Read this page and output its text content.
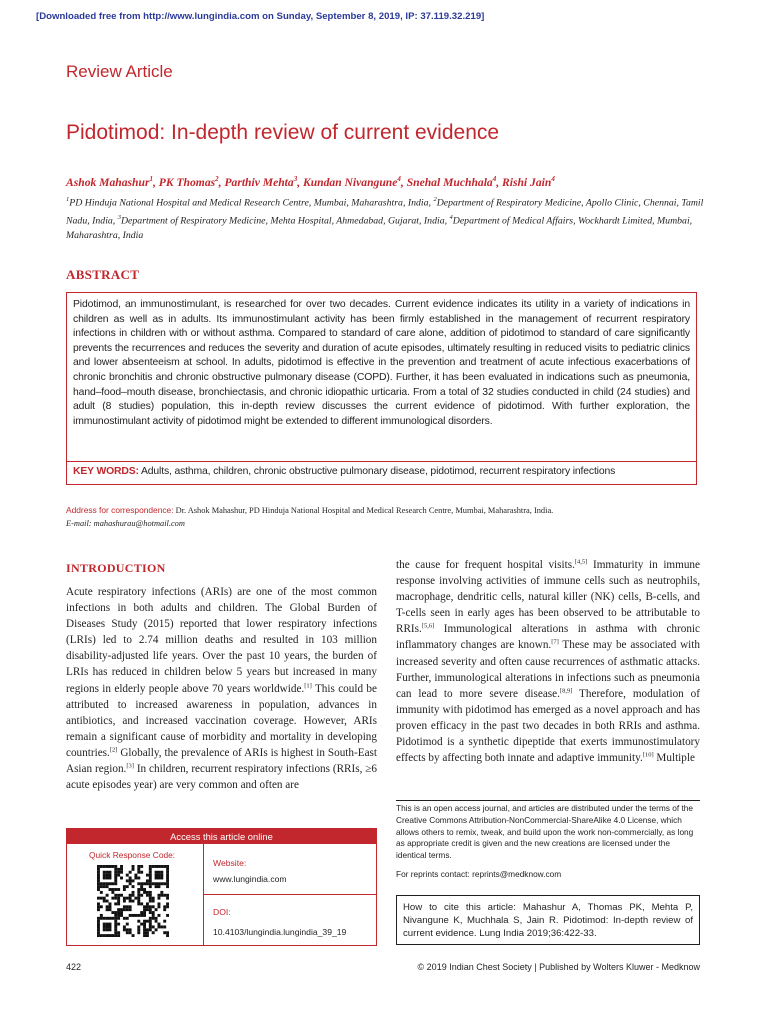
[Downloaded free from http://www.lungindia.com on Sunday, September 8, 2019, IP: 37.119.32.219]
Review Article
Pidotimod: In-depth review of current evidence
Ashok Mahashur$^1$, PK Thomas$^2$, Parthiv Mehta$^3$, Kundan Nivangune$^4$, Snehal Muchhala$^4$, Rishi Jain$^4$
$^1$PD Hinduja National Hospital and Medical Research Centre, Mumbai, Maharashtra, India, $^2$Department of Respiratory Medicine, Apollo Clinic, Chennai, Tamil Nadu, India, $^3$Department of Respiratory Medicine, Mehta Hospital, Ahmedabad, Gujarat, India, $^4$Department of Medical Affairs, Wockhardt Limited, Mumbai, Maharashtra, India
ABSTRACT
Pidotimod, an immunostimulant, is researched for over two decades. Current evidence indicates its utility in a variety of indications in children as well as in adults. Its immunostimulant activity has been firmly established in the management of recurrent respiratory infections in children with or without asthma. Compared to standard of care alone, addition of pidotimod to standard of care significantly prevents the recurrences and reduces the severity and duration of acute episodes, ultimately resulting in reduced visits to pediatric clinics and lower absenteeism at school. In adults, pidotimod is effective in the prevention and treatment of acute infectious exacerbations of chronic bronchitis and chronic obstructive pulmonary disease (COPD). Further, it has been evaluated in indications such as pneumonia, hand–food–mouth disease, bronchiectasis, and chronic idiopathic urticaria. From a total of 32 studies conducted in child (24 studies) and adult (8 studies) population, this in-depth review discusses the current evidence of pidotimod. With further exploration, the immunostimulant activity of pidotimod might be extended to different immunological disorders.
KEY WORDS: Adults, asthma, children, chronic obstructive pulmonary disease, pidotimod, recurrent respiratory infections
Address for correspondence: Dr. Ashok Mahashur, PD Hinduja National Hospital and Medical Research Centre, Mumbai, Maharashtra, India.
E-mail: mahashurau@hotmail.com
INTRODUCTION
Acute respiratory infections (ARIs) are one of the most common infections in both adults and children. The Global Burden of Diseases Study (2015) reported that lower respiratory infections (LRIs) led to 2.74 million deaths and resulted in 103 million disability-adjusted life years. Over the past 10 years, the burden of LRIs has reduced in children below 5 years but increased in many regions in elderly people above 70 years worldwide.[1] This could be attributed to increased awareness in population, advances in antibiotics, and increased vaccination coverage. However, ARIs remain a significant cause of morbidity and mortality in developing countries.[2] Globally, the prevalence of ARIs is highest in South-East Asian region.[3] In children, recurrent respiratory infections (RRIs, ≥6 acute episodes year) are very common and often are
the cause for frequent hospital visits.[4,5] Immaturity in immune response involving activities of immune cells such as neutrophils, macrophage, dendritic cells, natural killer (NK) cells, B-cells, and T-cells seen in early ages has been observed to be attributable to RRIs.[5,6] Immunological alterations in asthma with chronic inflammatory changes are known.[7] These may be associated with increased severity and often cause recurrences of asthmatic attacks. Further, immunological alterations in infections such as pneumonia can lead to more severe disease.[8,9] Therefore, modulation of immunity with pidotimod has emerged as a novel approach and has proven efficacy in the past two decades in both RRIs and asthma. Pidotimod is a synthetic dipeptide that exerts immunostimulatory effects by affecting both innate and adaptive immunity.[10] Multiple
Access this article online
Quick Response Code:
Website:
www.lungindia.com
DOI:
10.4103/lungindia.lungindia_39_19
This is an open access journal, and articles are distributed under the terms of the Creative Commons Attribution-NonCommercial-ShareAlike 4.0 License, which allows others to remix, tweak, and build upon the work non-commercially, as long as appropriate credit is given and the new creations are licensed under the identical terms.
For reprints contact: reprints@medknow.com
How to cite this article: Mahashur A, Thomas PK, Mehta P, Nivangune K, Muchhala S, Jain R. Pidotimod: In-depth review of current evidence. Lung India 2019;36:422-33.
422	© 2019 Indian Chest Society | Published by Wolters Kluwer - Medknow
